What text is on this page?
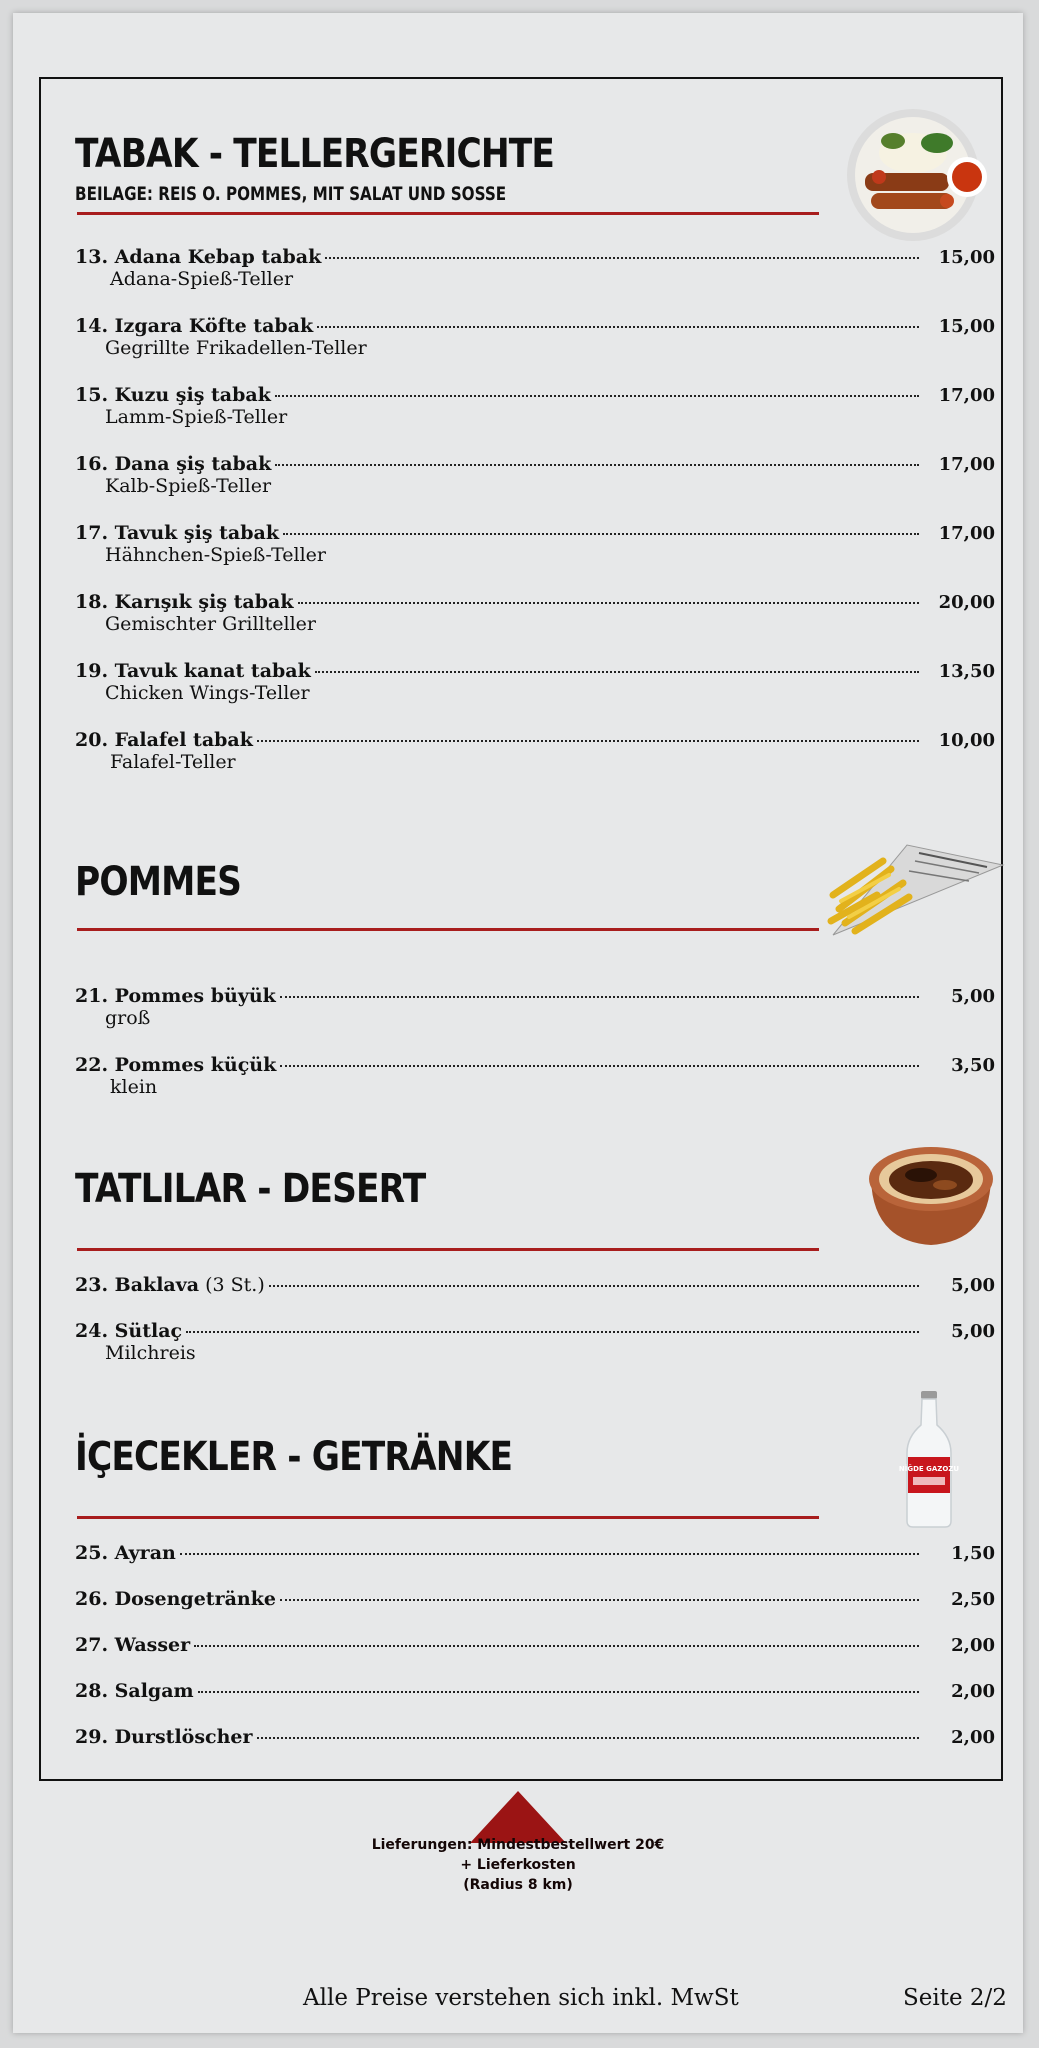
TABAK - TELLERGERICHTE
BEILAGE: REIS O. POMMES, MIT SALAT UND SOSSE
13. Adana Kebap tabak	15,00
Adana-Spieß-Teller
14. Izgara Köfte tabak	15,00
Gegrillte Frikadellen-Teller
15. Kuzu şiş tabak	17,00
Lamm-Spieß-Teller
16. Dana şiş tabak	17,00
Kalb-Spieß-Teller
17. Tavuk şiş tabak	17,00
Hähnchen-Spieß-Teller
18. Karışık şiş tabak	20,00
Gemischter Grillteller
19. Tavuk kanat tabak	13,50
Chicken Wings-Teller
20. Falafel tabak	10,00
Falafel-Teller
POMMES
21. Pommes büyük	5,00
groß
22. Pommes küçük	3,50
klein
TATLILAR - DESERT
23. Baklava (3 St.)	5,00
24. Sütlaç	5,00
Milchreis
İÇECEKLER - GETRÄNKE	NİĞDE GAZOZU
25. Ayran	1,50
26. Dosengetränke	2,50
27. Wasser	2,00
28. Salgam	2,00
29. Durstlöscher	2,00
Lieferungen: Mindestbestellwert 20€
+ Lieferkosten
(Radius 8 km)
Alle Preise verstehen sich inkl. MwSt	Seite 2/2
